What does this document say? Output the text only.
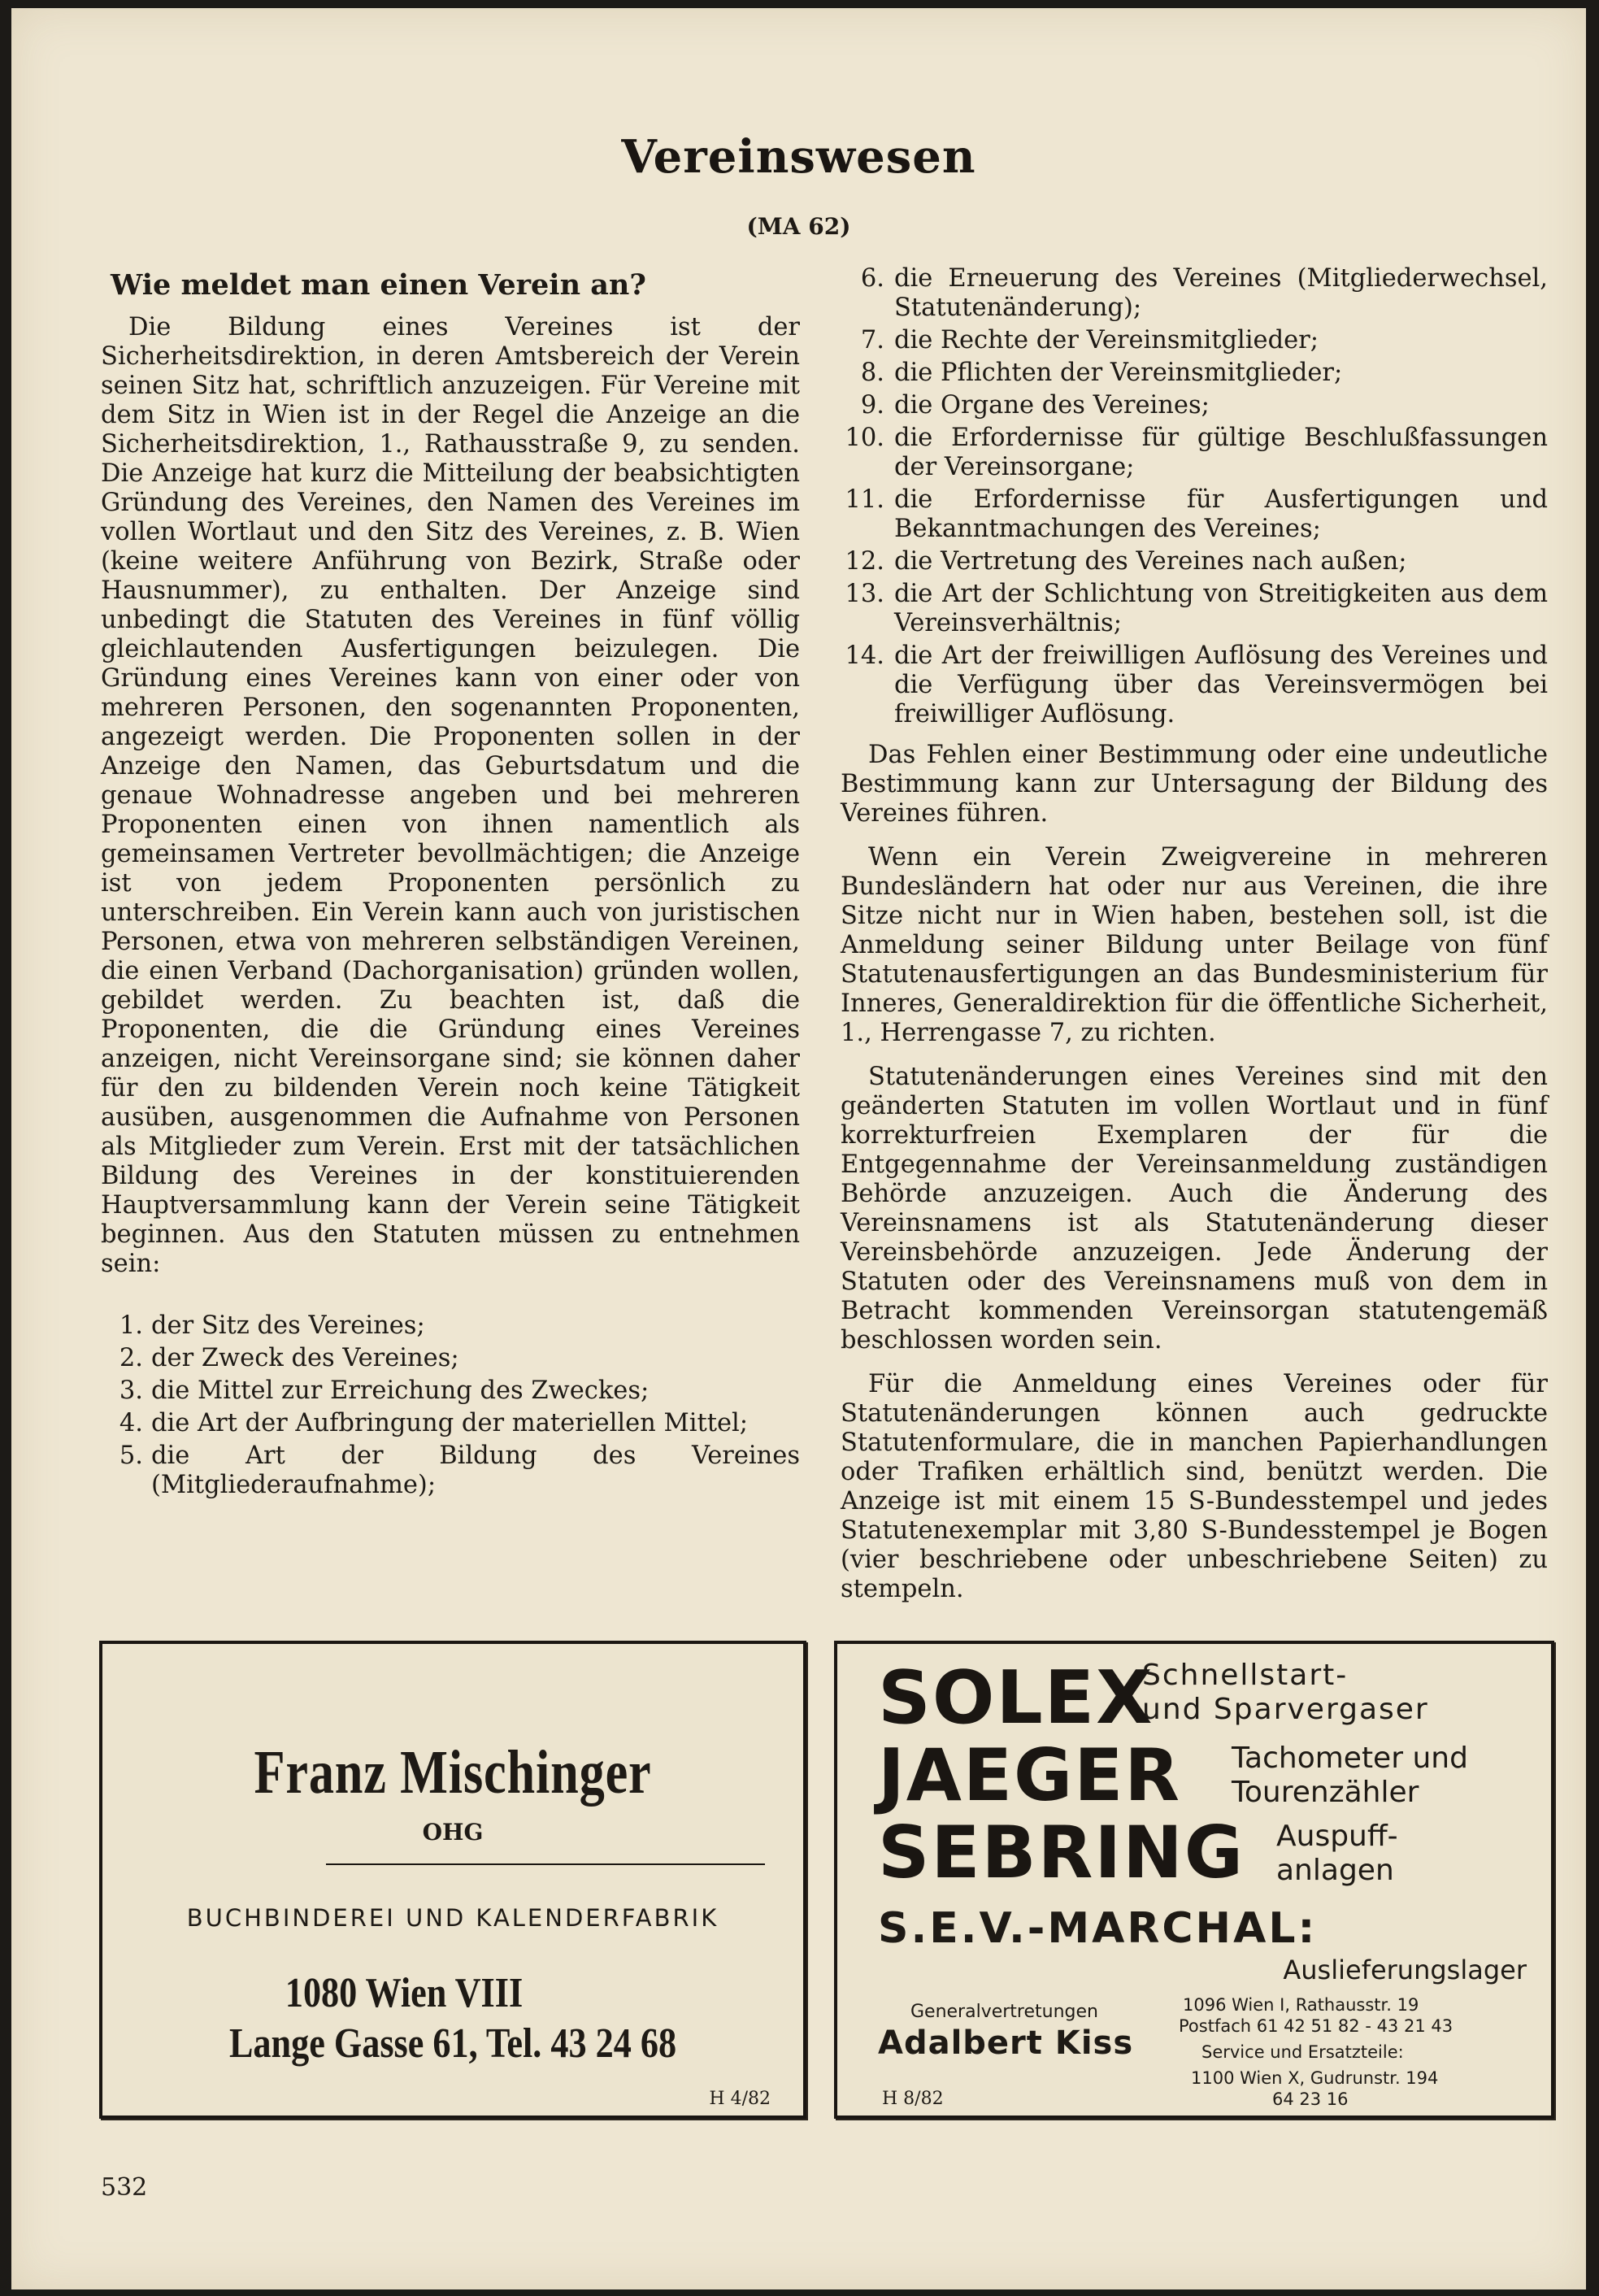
Vereinswesen
(MA 62)
Wie meldet man einen Verein an?

Die Bildung eines Vereines ist der Sicherheitsdirektion, in deren Amtsbereich der Verein seinen Sitz hat, schriftlich anzuzeigen. Für Vereine mit dem Sitz in Wien ist in der Regel die Anzeige an die Sicherheitsdirektion, 1., Rathausstraße 9, zu senden. Die Anzeige hat kurz die Mitteilung der beabsichtigten Gründung des Vereines, den Namen des Vereines im vollen Wortlaut und den Sitz des Vereines, z. B. Wien (keine weitere Anführung von Bezirk, Straße oder Hausnummer), zu enthalten. Der Anzeige sind unbedingt die Statuten des Vereines in fünf völlig gleichlautenden Ausfertigungen beizulegen. Die Gründung eines Vereines kann von einer oder von mehreren Personen, den sogenannten Proponenten, angezeigt werden. Die Proponenten sollen in der Anzeige den Namen, das Geburtsdatum und die genaue Wohnadresse angeben und bei mehreren Proponenten einen von ihnen namentlich als gemeinsamen Vertreter bevollmächtigen; die Anzeige ist von jedem Proponenten persönlich zu unterschreiben. Ein Verein kann auch von juristischen Personen, etwa von mehreren selbständigen Vereinen, die einen Verband (Dachorganisation) gründen wollen, gebildet werden. Zu beachten ist, daß die Proponenten, die die Gründung eines Vereines anzeigen, nicht Vereinsorgane sind; sie können daher für den zu bildenden Verein noch keine Tätigkeit ausüben, ausgenommen die Aufnahme von Personen als Mitglieder zum Verein. Erst mit der tatsächlichen Bildung des Vereines in der konstituierenden Hauptversammlung kann der Verein seine Tätigkeit beginnen. Aus den Statuten müssen zu entnehmen sein:

1. der Sitz des Vereines;
2. der Zweck des Vereines;
3. die Mittel zur Erreichung des Zweckes;
4. die Art der Aufbringung der materiellen Mittel;
5. die Art der Bildung des Vereines (Mitgliederaufnahme);
6. die Erneuerung des Vereines (Mitgliederwechsel, Statutenänderung);
7. die Rechte der Vereinsmitglieder;
8. die Pflichten der Vereinsmitglieder;
9. die Organe des Vereines;
10. die Erfordernisse für gültige Beschlußfassungen der Vereinsorgane;
11. die Erfordernisse für Ausfertigungen und Bekanntmachungen des Vereines;
12. die Vertretung des Vereines nach außen;
13. die Art der Schlichtung von Streitigkeiten aus dem Vereinsverhältnis;
14. die Art der freiwilligen Auflösung des Vereines und die Verfügung über das Vereinsvermögen bei freiwilliger Auflösung.

Das Fehlen einer Bestimmung oder eine undeutliche Bestimmung kann zur Untersagung der Bildung des Vereines führen.

Wenn ein Verein Zweigvereine in mehreren Bundesländern hat oder nur aus Vereinen, die ihre Sitze nicht nur in Wien haben, bestehen soll, ist die Anmeldung seiner Bildung unter Beilage von fünf Statutenausfertigungen an das Bundesministerium für Inneres, Generaldirektion für die öffentliche Sicherheit, 1., Herrengasse 7, zu richten.

Statutenänderungen eines Vereines sind mit den geänderten Statuten im vollen Wortlaut und in fünf korrekturfreien Exemplaren der für die Entgegennahme der Vereinsanmeldung zuständigen Behörde anzuzeigen. Auch die Änderung des Vereinsnamens ist als Statutenänderung dieser Vereinsbehörde anzuzeigen. Jede Änderung der Statuten oder des Vereinsnamens muß von dem in Betracht kommenden Vereinsorgan statutengemäß beschlossen worden sein.

Für die Anmeldung eines Vereines oder für Statutenänderungen können auch gedruckte Statutenformulare, die in manchen Papierhandlungen oder Trafiken erhältlich sind, benützt werden. Die Anzeige ist mit einem 15 S-Bundesstempel und jedes Statutenexemplar mit 3,80 S-Bundesstempel je Bogen (vier beschriebene oder unbeschriebene Seiten) zu stempeln.

Franz Mischinger
OHG
BUCHBINDEREI UND KALENDERFABRIK
1080 Wien VIII
Lange Gasse 61, Tel. 43 24 68
H 4/82
SOLEX
Schnellstart-
und Sparvergaser
JAEGER Tachometer und
Tourenzähler
SEBRING Auspuff-
anlagen
S.E.V.-MARCHAL:
Auslieferungslager
Generalvertretungen
Adalbert Kiss
1096 Wien I, Rathausstr. 19
Postfach 61 42 51 82 - 43 21 43
Service und Ersatzteile:
1100 Wien X, Gudrunstr. 194
64 23 16
H 8/82
532
